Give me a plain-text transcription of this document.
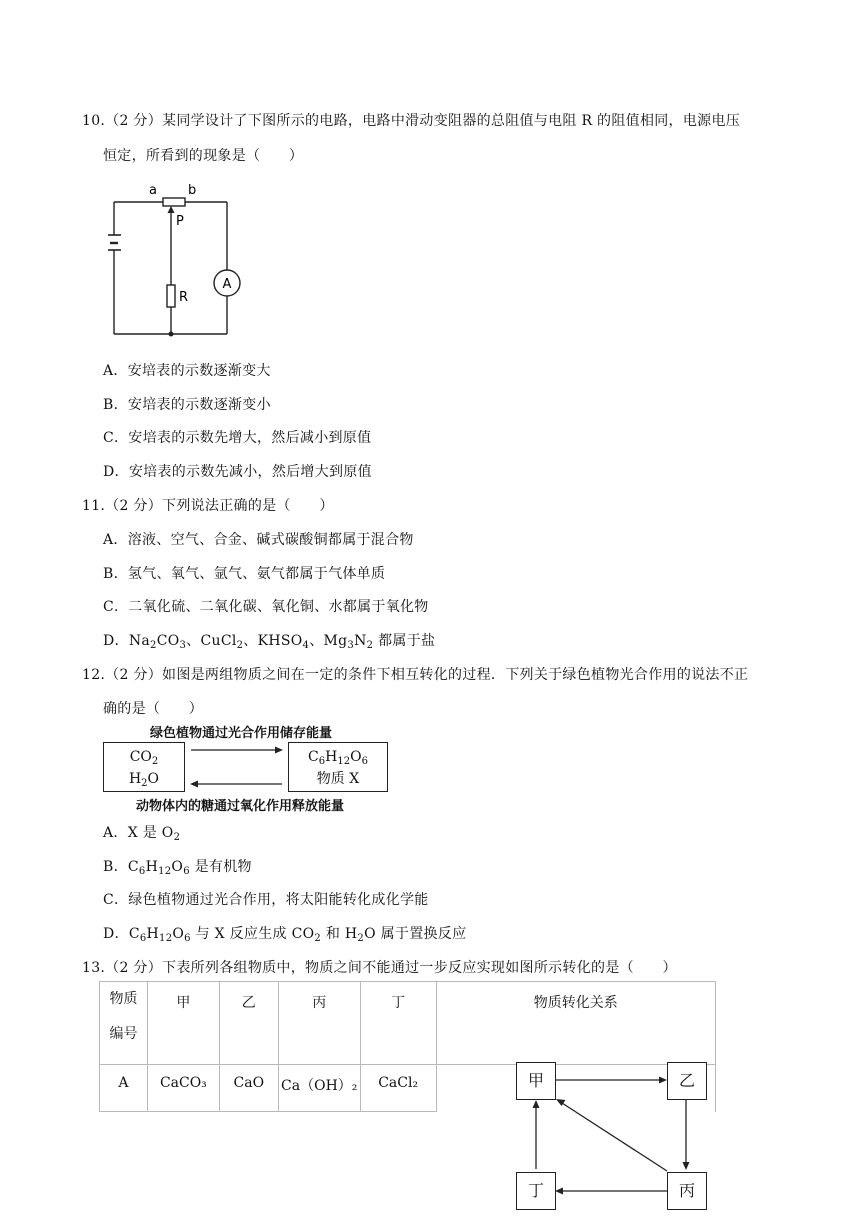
10.（2 分）某同学设计了下图所示的电路，电路中滑动变阻器的总阻值与电阻 R 的阻值相同，电源电压
恒定，所看到的现象是（　　）
a b
P
R
A
A．安培表的示数逐渐变大
B．安培表的示数逐渐变小
C．安培表的示数先增大，然后减小到原值
D．安培表的示数先减小，然后增大到原值
11.（2 分）下列说法正确的是（　　）
A．溶液、空气、合金、碱式碳酸铜都属于混合物
B．氢气、氧气、氩气、氨气都属于气体单质
C．二氧化硫、二氧化碳、氧化铜、水都属于氧化物
D．$Na_2CO_3$、CuCl$_2$、$KHSO_4$、$Mg_3N_2$ 都属于盐
12.（2 分）如图是两组物质之间在一定的条件下相互转化的过程．下列关于绿色植物光合作用的说法不正
确的是（　　）
绿色植物通过光合作用储存能量
$CO_2$
$H_2O$
$C_6H_{12}O_6$
物质 X
动物体内的糖通过氧化作用释放能量
A．X 是 $O_2$
B．$C_6H_{12}O_6$ 是有机物
C．绿色植物通过光合作用，将太阳能转化成化学能
D．$C_6H_{12}O_6$ 与 X 反应生成 $CO_2$ 和 $H_2O$ 属于置换反应
13.（2 分）下表所列各组物质中，物质之间不能通过一步反应实现如图所示转化的是（　　）
物质
编号	甲	乙	丙	丁	物质转化关系
A	CaCO₃	CaO	Ca（OH）₂	CaCl₂		甲	乙
丙
丁
